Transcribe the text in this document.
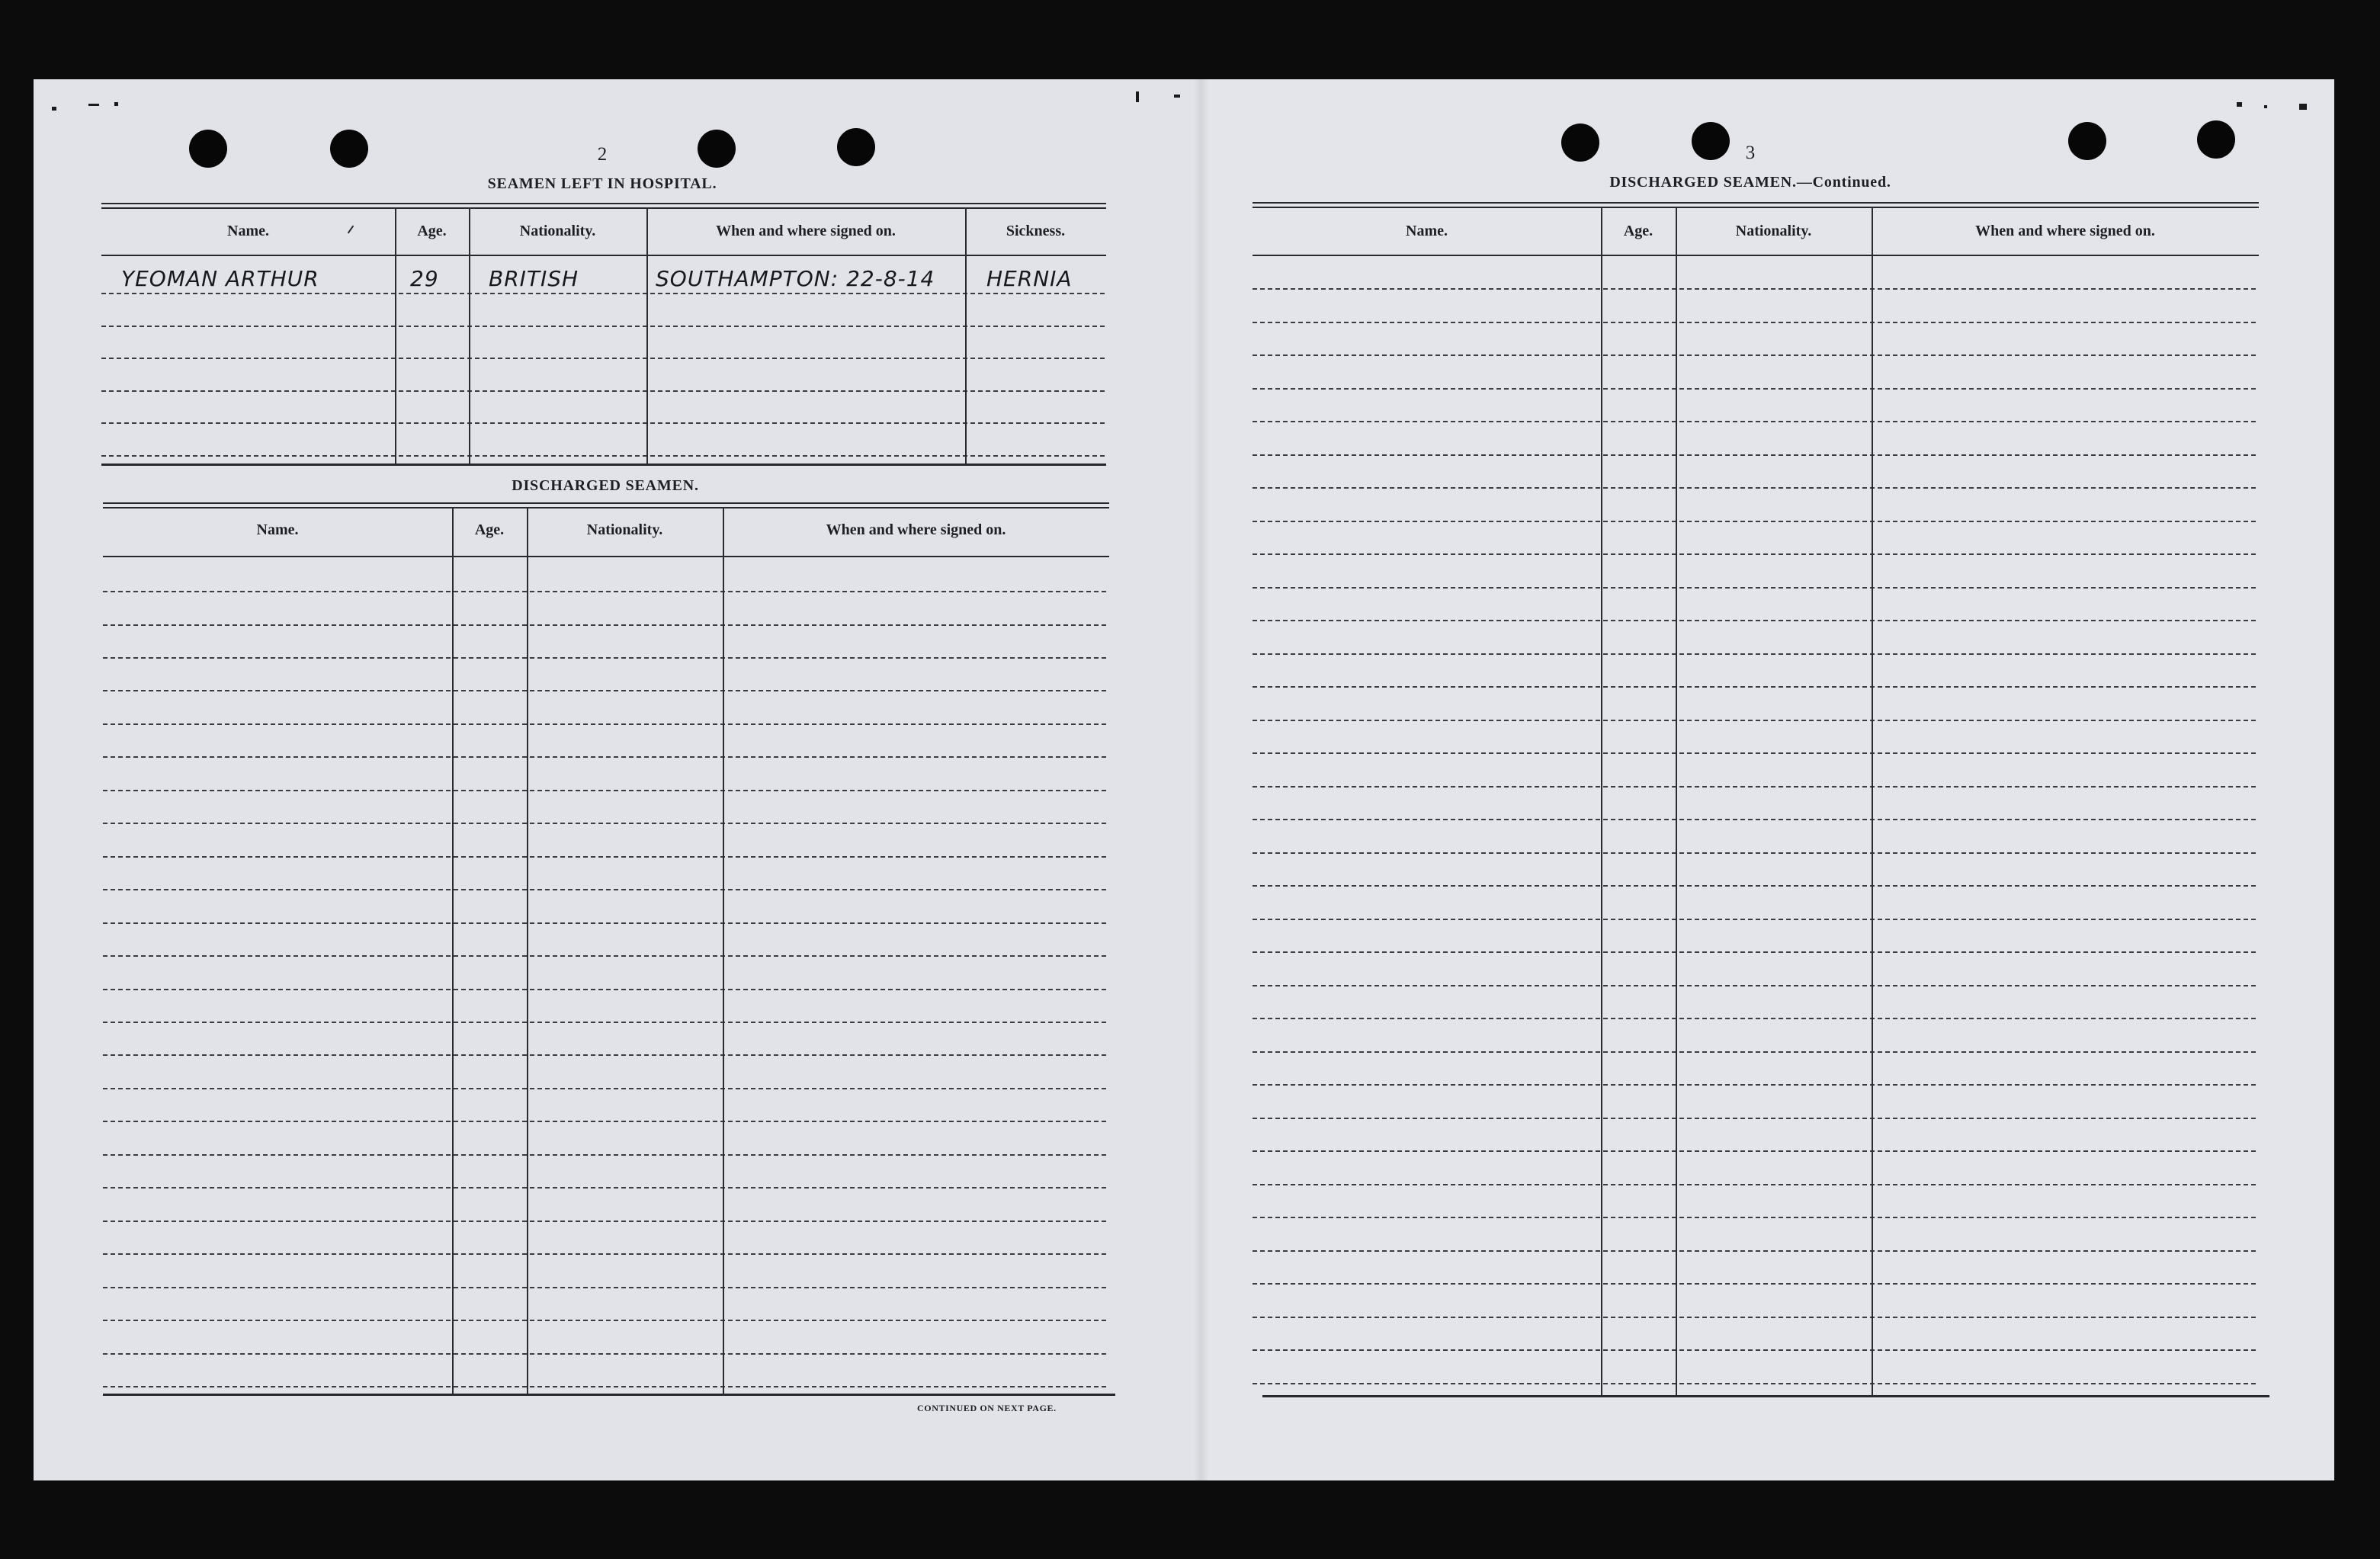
2
SEAMEN LEFT IN HOSPITAL.
Name.	Age.	Nationality.	When and where signed on.	Sickness.
YEOMAN ARTHUR	29 BRITISH	SOUTHAMPTON: 22-8-14 HERNIA
DISCHARGED SEAMEN.
Name.	Age.	Nationality.	When and where signed on.
CONTINUED ON NEXT PAGE.
3
DISCHARGED SEAMEN.—Continued.
Name.	Age.	Nationality.	When and where signed on.
